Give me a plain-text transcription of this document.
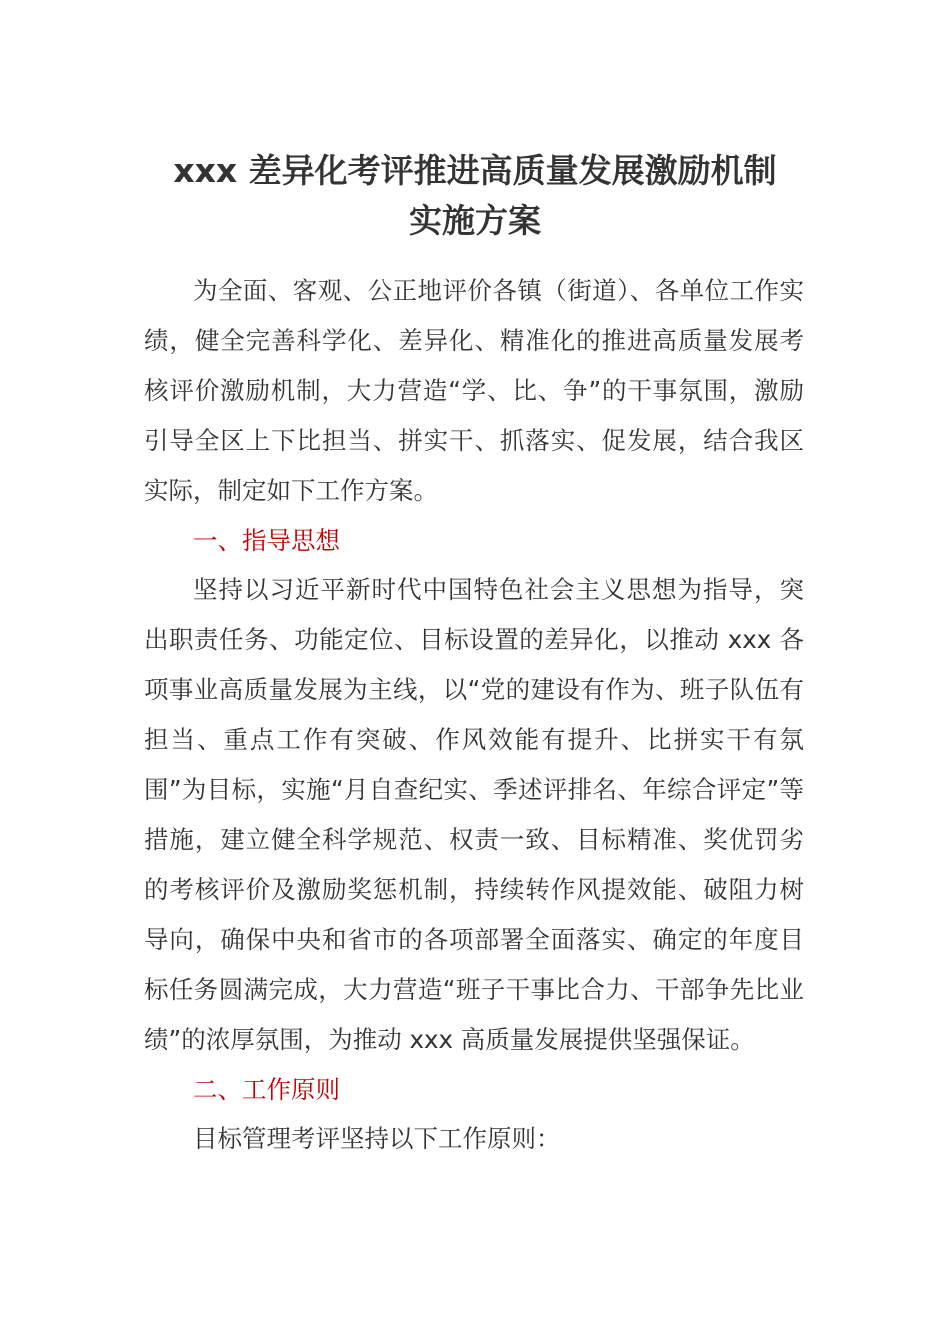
xxx 差异化考评推进高质量发展激励机制
实施方案

为全面、客观、公正地评价各镇（街道）、各单位工作实绩，健全完善科学化、差异化、精准化的推进高质量发展考核评价激励机制，大力营造“学、比、争”的干事氛围，激励引导全区上下比担当、拼实干、抓落实、促发展，结合我区实际，制定如下工作方案。

一、指导思想

坚持以习近平新时代中国特色社会主义思想为指导，突出职责任务、功能定位、目标设置的差异化，以推动 xxx 各项事业高质量发展为主线，以“党的建设有作为、班子队伍有担当、重点工作有突破、作风效能有提升、比拼实干有氛围”为目标，实施“月自查纪实、季述评排名、年综合评定”等措施，建立健全科学规范、权责一致、目标精准、奖优罚劣的考核评价及激励奖惩机制，持续转作风提效能、破阻力树导向，确保中央和省市的各项部署全面落实、确定的年度目标任务圆满完成，大力营造“班子干事比合力、干部争先比业绩”的浓厚氛围，为推动 xxx 高质量发展提供坚强保证。

二、工作原则

目标管理考评坚持以下工作原则：
